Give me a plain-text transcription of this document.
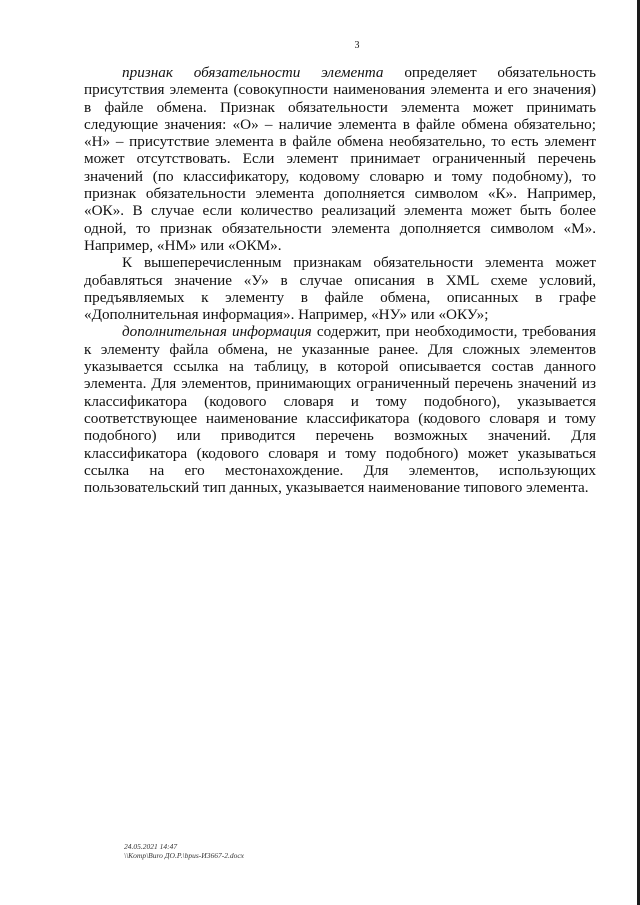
3

признак обязательности элемента определяет обязательность присутствия элемента (совокупности наименования элемента и его значения) в файле обмена. Признак обязательности элемента может принимать следующие значения: «О» – наличие элемента в файле обмена обязательно; «Н» – присутствие элемента в файле обмена необязательно, то есть элемент может отсутствовать. Если элемент принимает ограниченный перечень значений (по классификатору, кодовому словарю и тому подобному), то признак обязательности элемента дополняется символом «К». Например, «ОК». В случае если количество реализаций элемента может быть более одной, то признак обязательности элемента дополняется символом «М». Например, «НМ» или «ОКМ».

К вышеперечисленным признакам обязательности элемента может добавляться значение «У» в случае описания в XML схеме условий, предъявляемых к элементу в файле обмена, описанных в графе «Дополнительная информация». Например, «НУ» или «ОКУ»;

дополнительная информация содержит, при необходимости, требования к элементу файла обмена, не указанные ранее. Для сложных элементов указывается ссылка на таблицу, в которой описывается состав данного элемента. Для элементов, принимающих ограниченный перечень значений из классификатора (кодового словаря и тому подобного), указывается соответствующее наименование классификатора (кодового словаря и тому подобного) или приводится перечень возможных значений. Для классификатора (кодового словаря и тому подобного) может указываться ссылка на его местонахождение. Для элементов, использующих пользовательский тип данных, указывается наименование типового элемента.

24.05.2021 14:47
\\Komp\Buro ДО.Р.\bpus-И3667-2.docx
